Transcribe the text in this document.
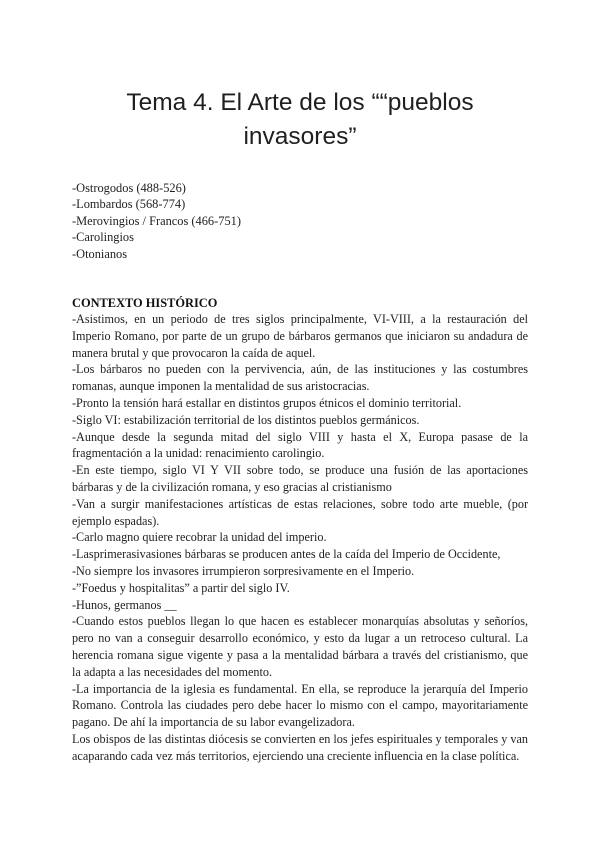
Tema 4. El Arte de los ““pueblos invasores”
-Ostrogodos (488-526)
-Lombardos (568-774)
-Merovingios / Francos (466-751)
-Carolingios
-Otonianos
CONTEXTO HISTÓRICO

-Asistimos, en un periodo de tres siglos principalmente, VI-VIII, a la restauración del Imperio Romano, por parte de un grupo de bárbaros germanos que iniciaron su andadura de manera brutal y que provocaron la caída de aquel.

-Los bárbaros no pueden con la pervivencia, aún, de las instituciones y las costumbres romanas, aunque imponen la mentalidad de sus aristocracias.

-Pronto la tensión hará estallar en distintos grupos étnicos el dominio territorial.

-Siglo VI: estabilización territorial de los distintos pueblos germánicos.

-Aunque desde la segunda mitad del siglo VIII y hasta el X, Europa pasase de la fragmentación a la unidad: renacimiento carolingio.

-En este tiempo, siglo VI Y VII sobre todo, se produce una fusión de las aportaciones bárbaras y de la civilización romana, y eso gracias al cristianismo

-Van a surgir manifestaciones artísticas de estas relaciones, sobre todo arte mueble, (por ejemplo espadas).

-Carlo magno quiere recobrar la unidad del imperio.

-Lasprimerasivasiones bárbaras se producen antes de la caída del Imperio de Occidente,

-No siempre los invasores irrumpieron sorpresivamente en el Imperio.

-”Foedus y hospitalitas” a partir del siglo IV.

-Hunos, germanos __

-Cuando estos pueblos llegan lo que hacen es establecer monarquías absolutas y señoríos, pero no van a conseguir desarrollo económico, y esto da lugar a un retroceso cultural. La herencia romana sigue vigente y pasa a la mentalidad bárbara a través del cristianismo, que la adapta a las necesidades del momento.

-La importancia de la iglesia es fundamental. En ella, se reproduce la jerarquía del Imperio Romano. Controla las ciudades pero debe hacer lo mismo con el campo, mayoritariamente pagano. De ahí la importancia de su labor evangelizadora.

Los obispos de las distintas diócesis se convierten en los jefes espirituales y temporales y van acaparando cada vez más territorios, ejerciendo una creciente influencia en la clase política.
